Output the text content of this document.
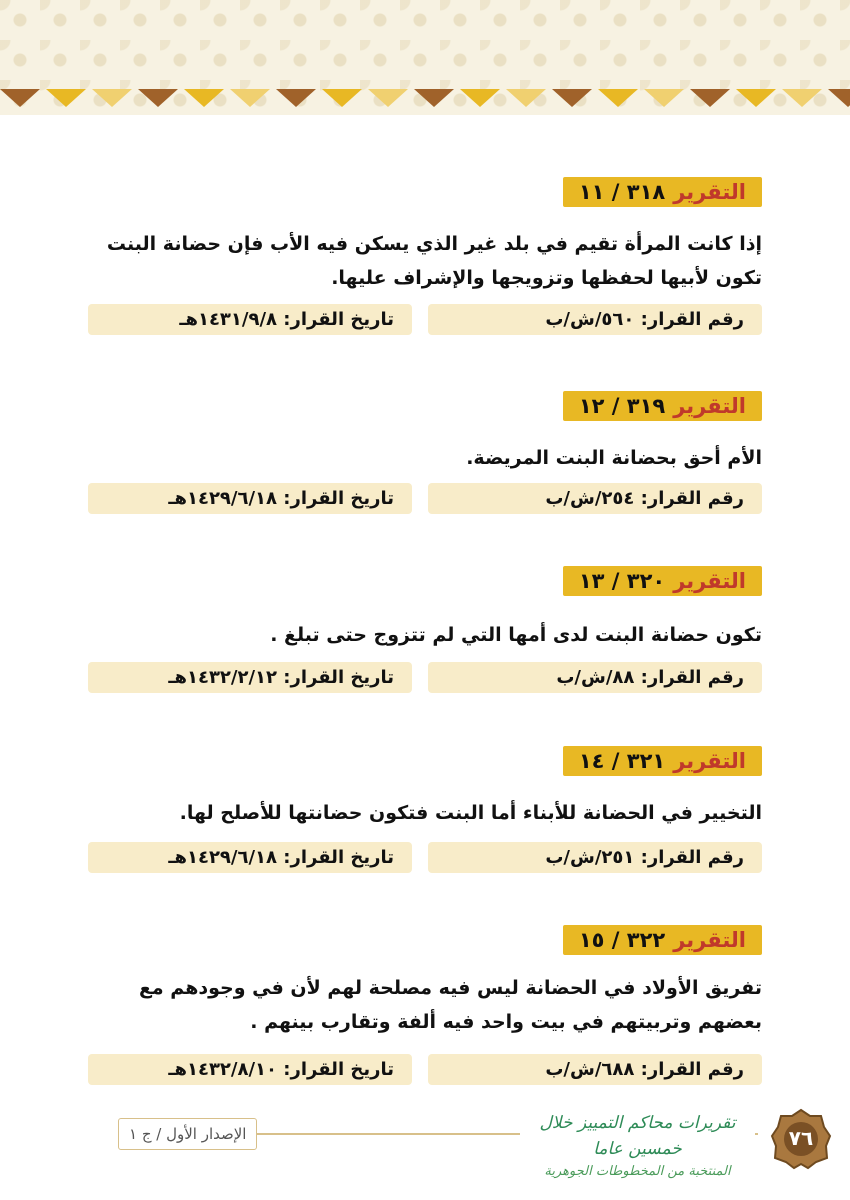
التقرير
٣١٨ / ١١
إذا كانت المرأة تقيم في بلد غير الذي يسكن فيه الأب فإن حضانة البنت تكون لأبيها لحفظها وتزويجها والإشراف عليها.
رقم القرار: ٥٦٠/ش/ب
تاريخ القرار: ١٤٣١/٩/٨هـ
التقرير
٣١٩ / ١٢
الأم أحق بحضانة البنت المريضة.
رقم القرار: ٢٥٤/ش/ب
تاريخ القرار: ١٤٢٩/٦/١٨هـ
التقرير
٣٢٠ / ١٣
تكون حضانة البنت لدى أمها التي لم تتزوج حتى تبلغ .
رقم القرار: ٨٨/ش/ب
تاريخ القرار: ١٤٣٢/٢/١٢هـ
التقرير
٣٢١ / ١٤
التخيير في الحضانة للأبناء أما البنت فتكون حضانتها للأصلح لها.
رقم القرار: ٢٥١/ش/ب
تاريخ القرار: ١٤٢٩/٦/١٨هـ
التقرير
٣٢٢ / ١٥
تفريق الأولاد في الحضانة ليس فيه مصلحة لهم لأن في وجودهم مع بعضهم وتربيتهم في بيت واحد فيه ألفة وتقارب بينهم .
رقم القرار: ٦٨٨/ش/ب
تاريخ القرار: ١٤٣٢/٨/١٠هـ
الإصدار الأول / ج ١
تقريرات محاكم التمييز خلال خمسين عاما
المنتخبة من المخطوطات الجوهرية
٧٦
